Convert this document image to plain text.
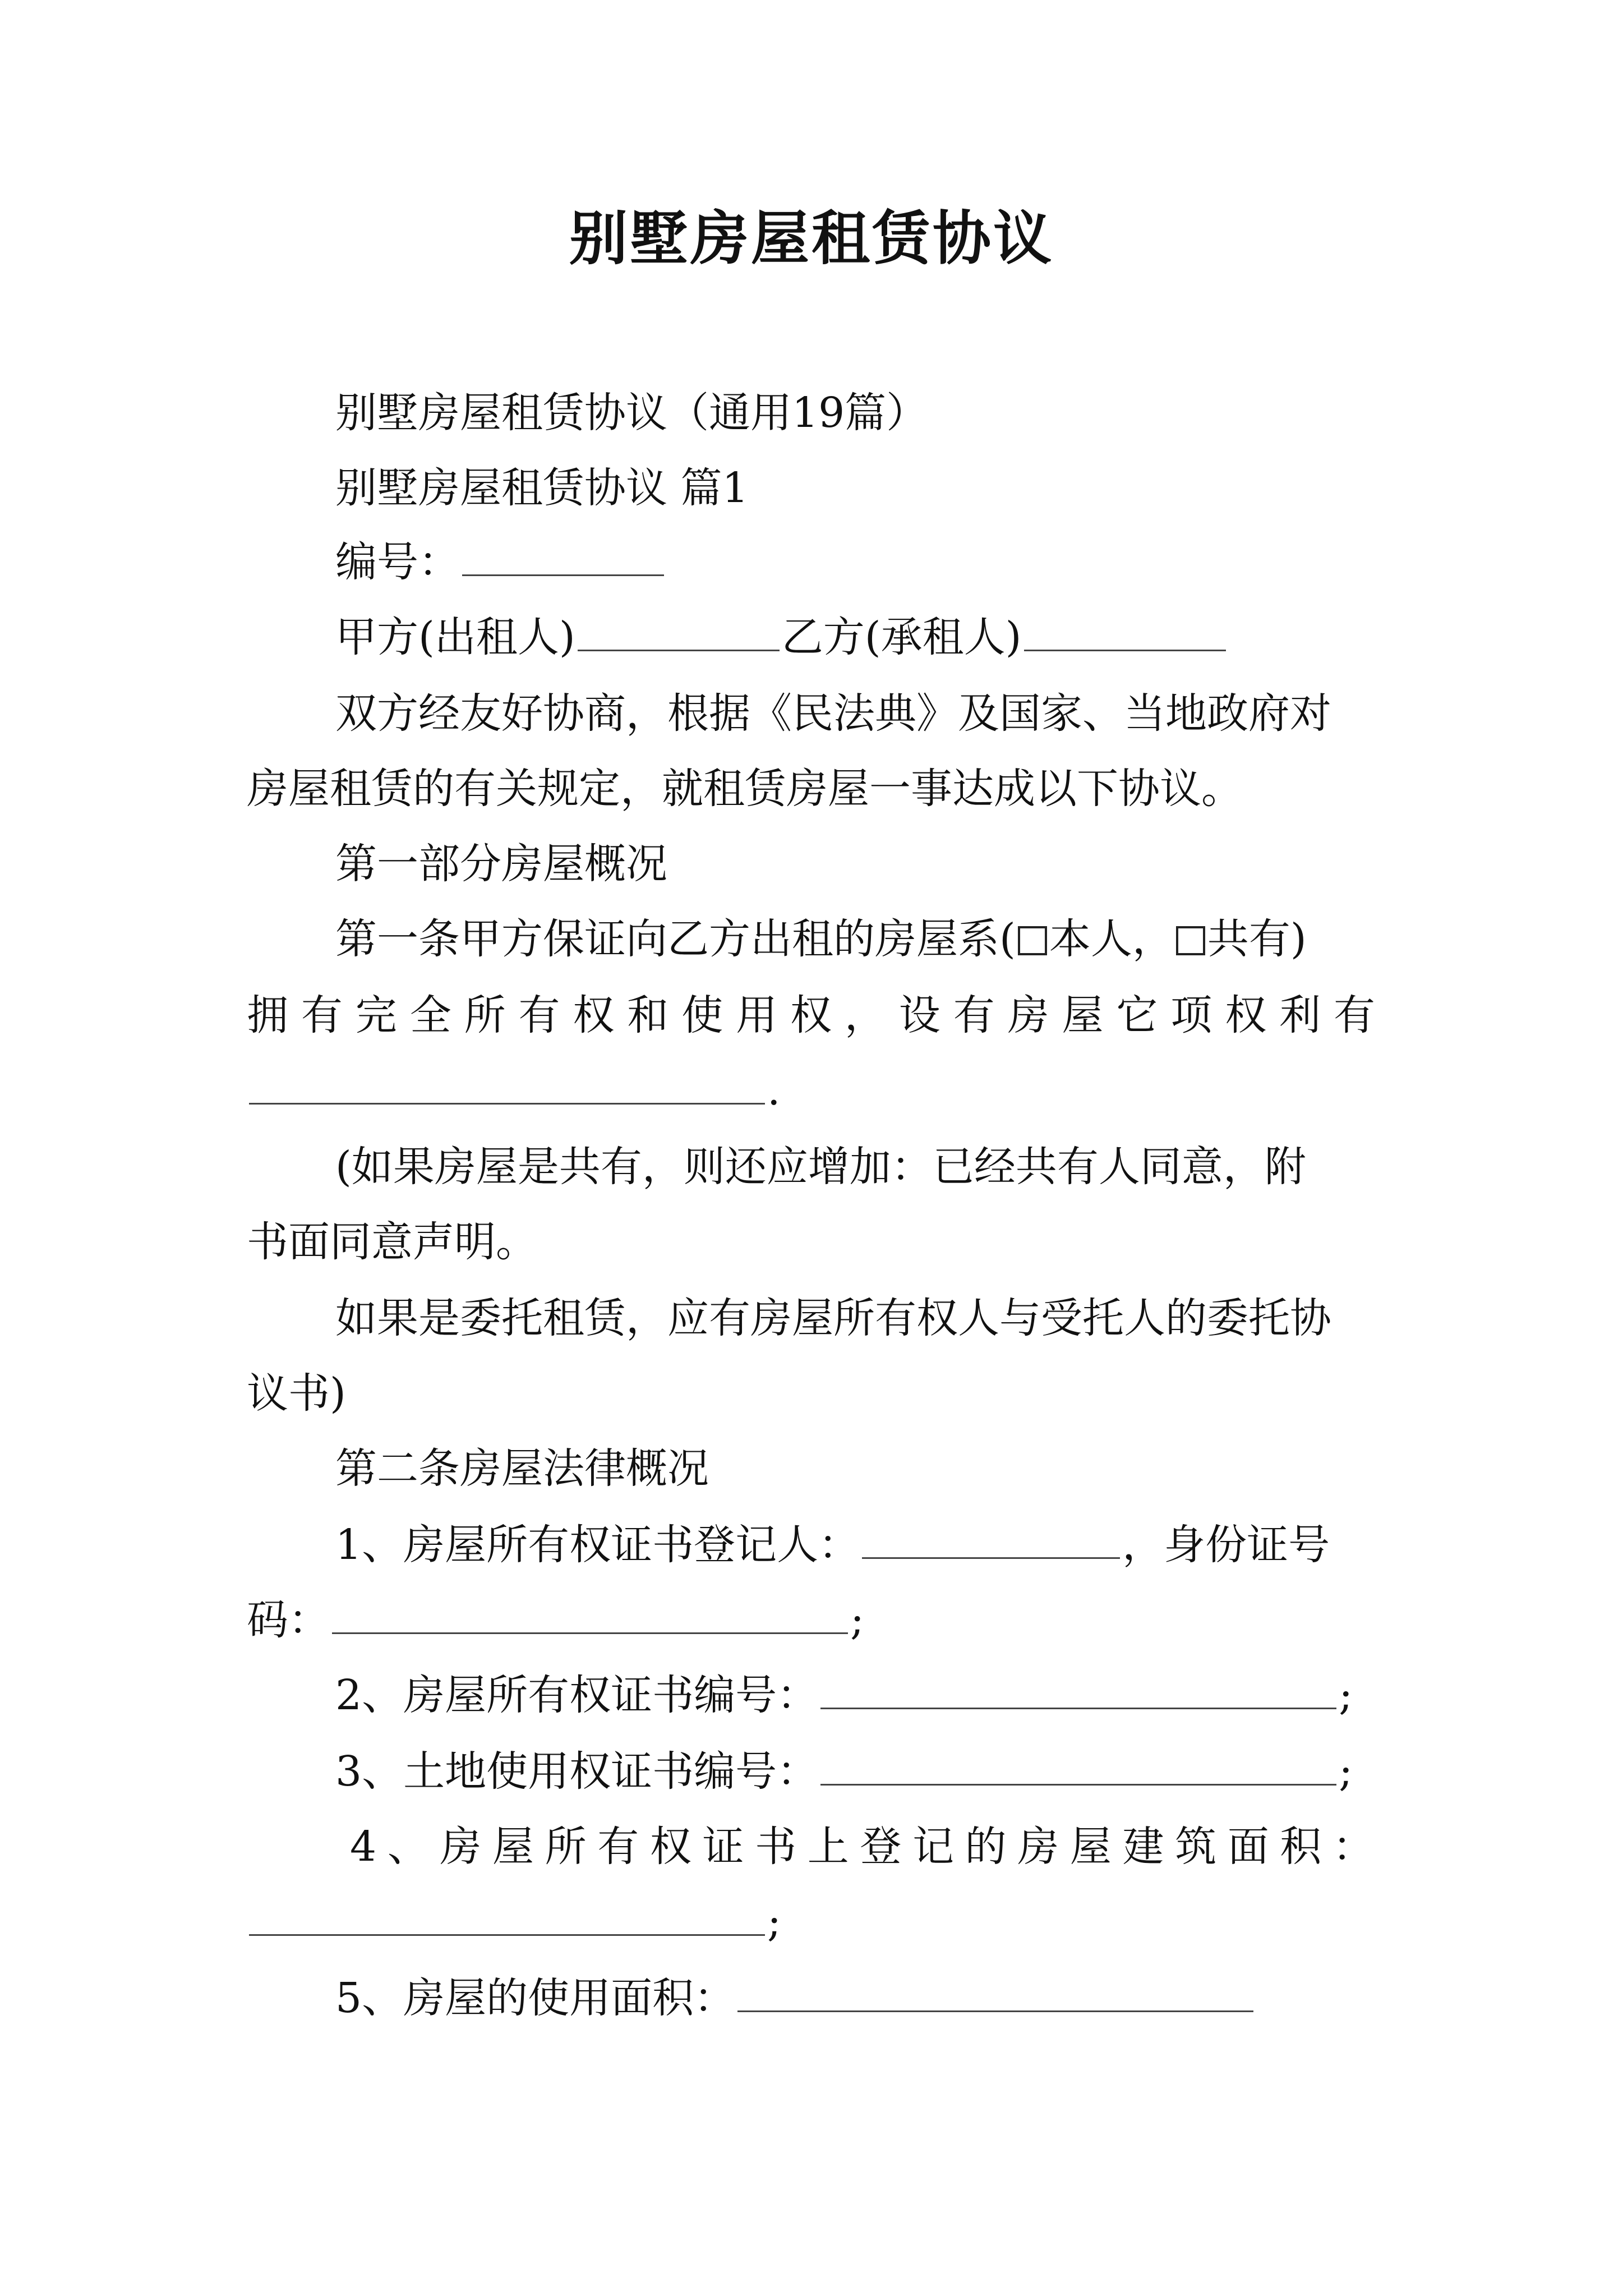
别墅房屋租赁协议
别墅房屋租赁协议（通用19篇）
别墅房屋租赁协议 篇1
编号：
甲方(出租人)	乙方(承租人)
双方经友好协商，根据《民法典》及国家、当地政府对
房屋租赁的有关规定，就租赁房屋一事达成以下协议。
第一部分房屋概况
第一条甲方保证向乙方出租的房屋系( 本人， 共有)
拥有完全所有权和使用权，设有房屋它项权利有
.
(如果房屋是共有，则还应增加：已经共有人同意，附
书面同意声明。
如果是委托租赁，应有房屋所有权人与受托人的委托协
议书)
第二条房屋法律概况
1、房屋所有权证书登记人：	，身份证号
码：	;
2、房屋所有权证书编号：	;
3、土地使用权证书编号：	;
4、房屋所有权证书上登记的房屋建筑面积：
;
5、房屋的使用面积：
